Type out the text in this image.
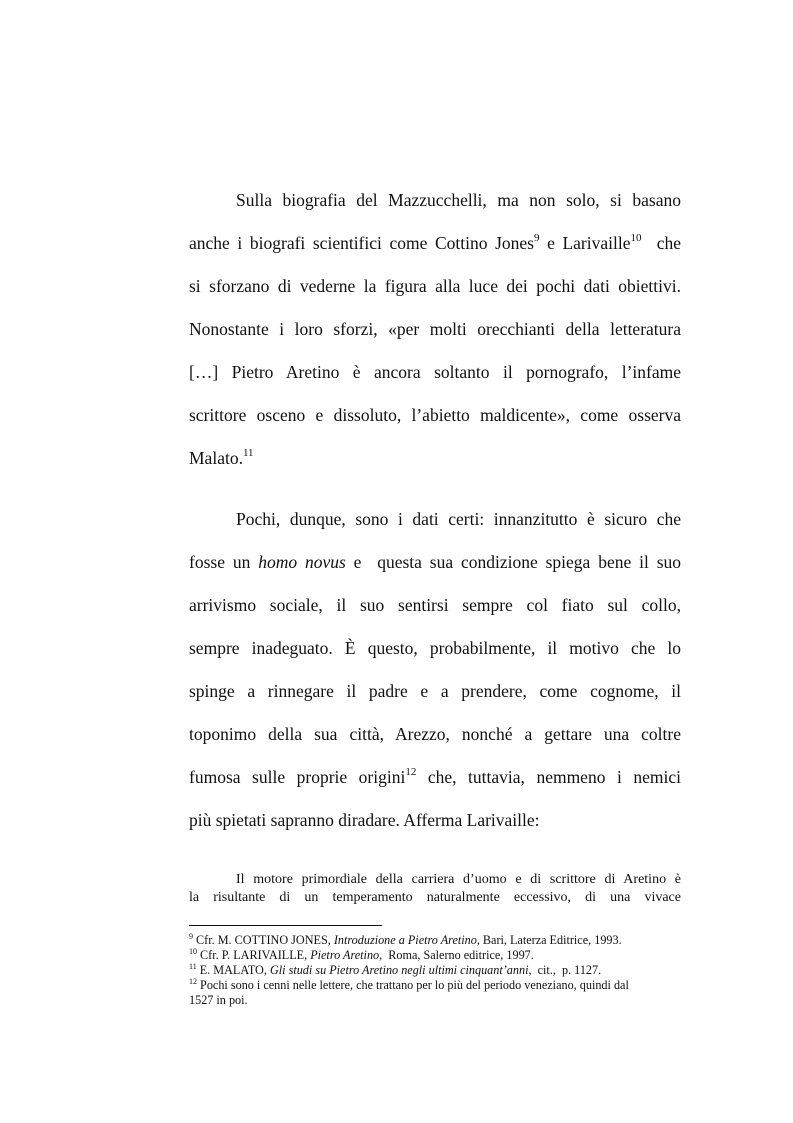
Sulla biografia del Mazzucchelli, ma non solo, si basano
anche i biografi scientifici come Cottino Jones$^9$ e Larivaille$^{10}$  che
si sforzano di vederne la figura alla luce dei pochi dati obiettivi.
Nonostante i loro sforzi, «per molti orecchianti della letteratura
[…] Pietro Aretino è ancora soltanto il pornografo, l’infame
scrittore osceno e dissoluto, l’abietto maldicente», come osserva
Malato.$^{11}$
Pochi, dunque, sono i dati certi: innanzitutto è sicuro che
fosse un homo novus e  questa sua condizione spiega bene il suo
arrivismo sociale, il suo sentirsi sempre col fiato sul collo,
sempre inadeguato. È questo, probabilmente, il motivo che lo
spinge a rinnegare il padre e a prendere, come cognome, il
toponimo della sua città, Arezzo, nonché a gettare una coltre
fumosa sulle proprie origini$^{12}$ che, tuttavia, nemmeno i nemici
più spietati sapranno diradare. Afferma Larivaille:
Il motore primordiale della carriera d’uomo e di scrittore di Aretino è
la risultante di un temperamento naturalmente eccessivo, di una vivace
$^9$ Cfr. M. COTTINO JONES, Introduzione a Pietro Aretino, Bari, Laterza Editrice, 1993.
$^{10}$ Cfr. P. LARIVAILLE, Pietro Aretino,  Roma, Salerno editrice, 1997.
$^{11}$ E. MALATO, Gli studi su Pietro Aretino negli ultimi cinquant’anni,  cit.,  p. 1127.
$^{12}$ Pochi sono i cenni nelle lettere, che trattano per lo più del periodo veneziano, quindi dal
1527 in poi.
